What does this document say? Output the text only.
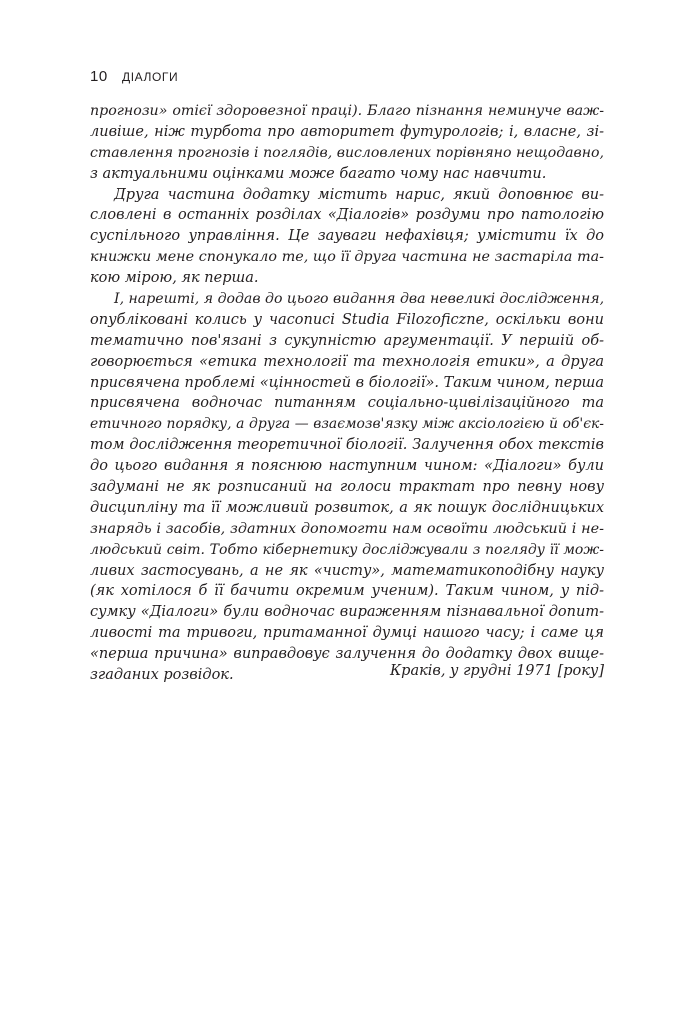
10	ДІАЛОГИ
прогнози» отієї здоровезної праці). Благо пізнання неминуче важ-
ливіше, ніж турбота про авторитет футурологів; і, власне, зі-
ставлення прогнозів і поглядів, висловлених порівняно нещодавно,
з актуальними оцінками може багато чому нас навчити.
Друга частина додатку містить нарис, який доповнює ви-
словлені в останніх розділах «Діалогів» роздуми про патологію
суспільного управління. Це зауваги нефахівця; умістити їх до
книжки мене спонукало те, що її друга частина не застаріла та-
кою мірою, як перша.
І, нарешті, я додав до цього видання два невеликі дослідження,
опубліковані колись у часописі Studia Filozoficzne, оскільки вони
тематично пов'язані з сукупністю аргументації. У першій об-
говорюється «етика технології та технологія етики», а друга
присвячена проблемі «цінностей в біології». Таким чином, перша
присвячена водночас питанням соціально-цивілізаційного та
етичного порядку, а друга — взаємозв'язку між аксіологією й об'єк-
том дослідження теоретичної біології. Залучення обох текстів
до цього видання я пояснюю наступним чином: «Діалоги» були
задумані не як розписаний на голоси трактат про певну нову
дисципліну та її можливий розвиток, а як пошук дослідницьких
знарядь і засобів, здатних допомогти нам освоїти людський і не-
людський світ. Тобто кібернетику досліджували з погляду її мож-
ливих застосувань, а не як «чисту», математикоподібну науку
(як хотілося б її бачити окремим ученим). Таким чином, у під-
сумку «Діалоги» були водночас вираженням пізнавальної допит-
ливості та тривоги, притаманної думці нашого часу; і саме ця
«перша причина» виправдовує залучення до додатку двох вище-
згаданих розвідок.	Краків, у грудні 1971 [року]
